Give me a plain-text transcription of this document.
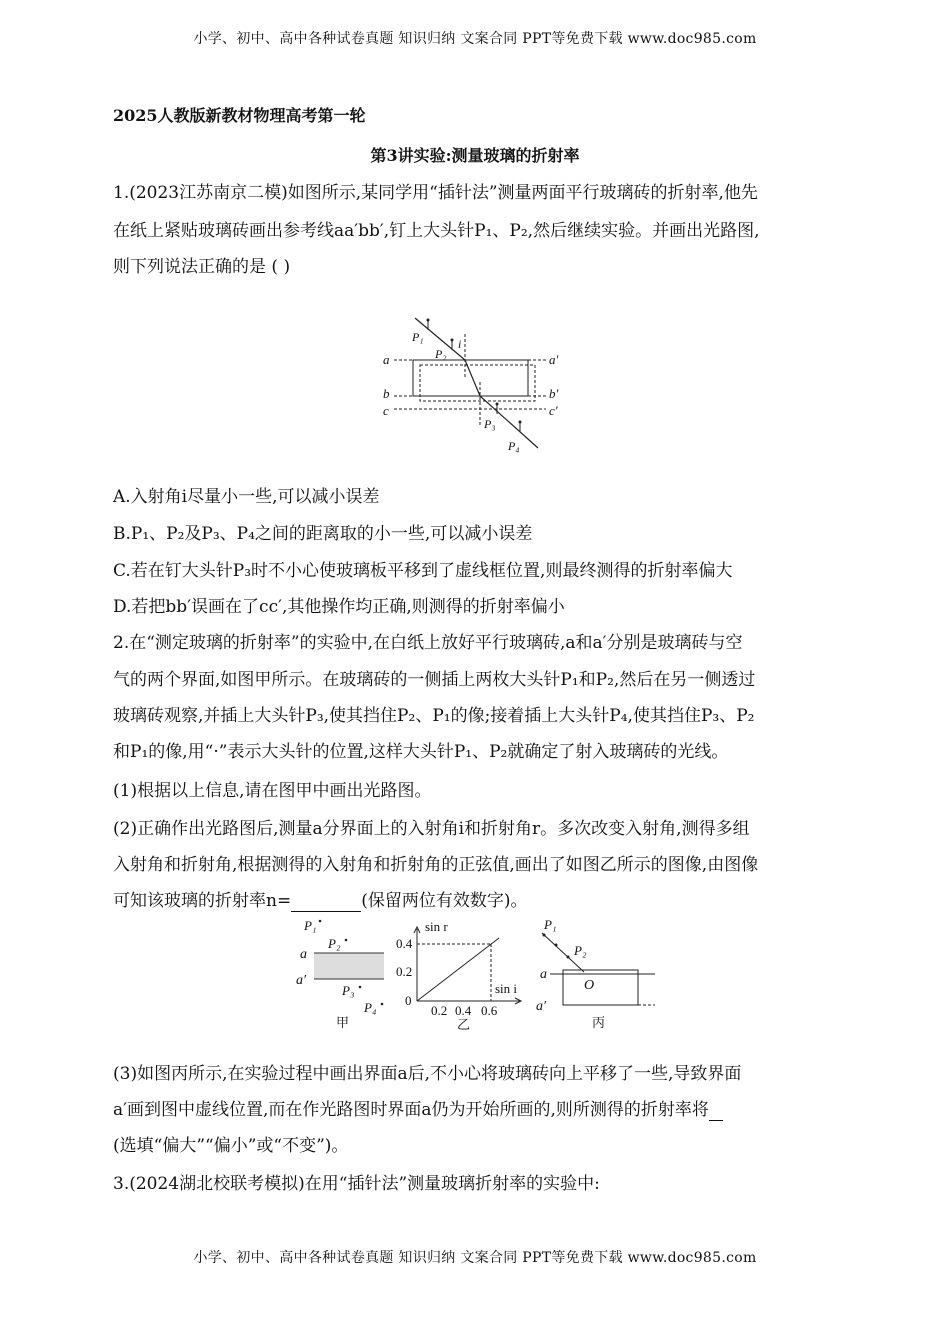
小学、初中、高中各种试卷真题 知识归纳 文案合同 PPT等免费下载 www.doc985.com
2025人教版新教材物理高考第一轮
第3讲实验:测量玻璃的折射率
1.(2023江苏南京二模)如图所示,某同学用“插针法”测量两面平行玻璃砖的折射率,他先
在纸上紧贴玻璃砖画出参考线aa′bb′,钉上大头针P₁、P₂,然后继续实验。并画出光路图,
则下列说法正确的是 ( )
a	a′
b	b′
c	c′
P₁
P₂
P₃
P₄
i
A.入射角i尽量小一些,可以减小误差
B.P₁、P₂及P₃、P₄之间的距离取的小一些,可以减小误差
C.若在钉大头针P₃时不小心使玻璃板平移到了虚线框位置,则最终测得的折射率偏大
D.若把bb′误画在了cc′,其他操作均正确,则测得的折射率偏小
2.在“测定玻璃的折射率”的实验中,在白纸上放好平行玻璃砖,a和a′分别是玻璃砖与空
气的两个界面,如图甲所示。在玻璃砖的一侧插上两枚大头针P₁和P₂,然后在另一侧透过
玻璃砖观察,并插上大头针P₃,使其挡住P₂、P₁的像;接着插上大头针P₄,使其挡住P₃、P₂
和P₁的像,用“·”表示大头针的位置,这样大头针P₁、P₂就确定了射入玻璃砖的光线。
(1)根据以上信息,请在图甲中画出光路图。
(2)正确作出光路图后,测量a分界面上的入射角i和折射角r。多次改变入射角,测得多组
入射角和折射角,根据测得的入射角和折射角的正弦值,画出了如图乙所示的图像,由图像
可知该玻璃的折射率n=	(保留两位有效数字)。
P₁
P₂
P₃
P₄
a
a′
甲
sin r
sin i
0.4
0.2
0
0.2 0.4 0.6
乙
P₁
P₂
a
a′
O
丙
(3)如图丙所示,在实验过程中画出界面a后,不小心将玻璃砖向上平移了一些,导致界面
a′画到图中虚线位置,而在作光路图时界面a仍为开始所画的,则所测得的折射率将
(选填“偏大”“偏小”或“不变”)。
3.(2024湖北校联考模拟)在用“插针法”测量玻璃折射率的实验中:
小学、初中、高中各种试卷真题 知识归纳 文案合同 PPT等免费下载 www.doc985.com
